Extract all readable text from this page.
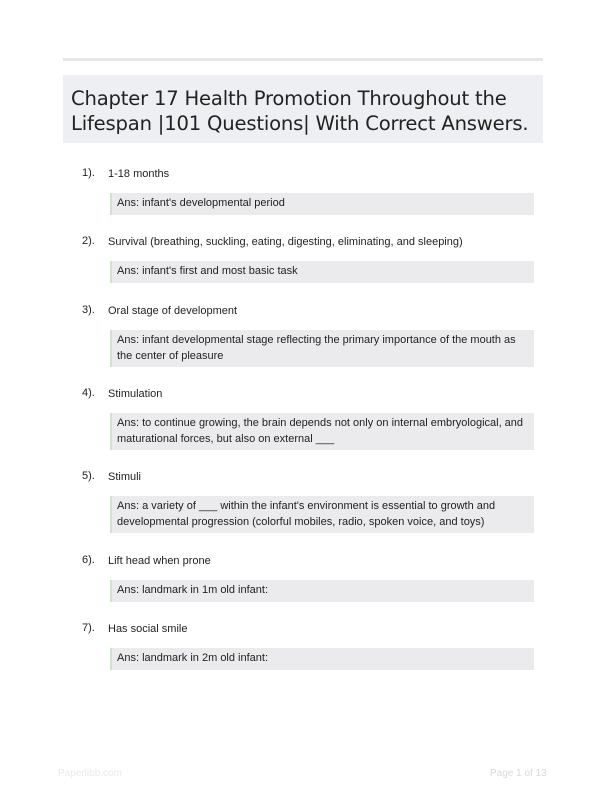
Chapter 17 Health Promotion Throughout the
Lifespan |101 Questions| With Correct Answers.
1). 1-18 months
Ans: infant's developmental period
2). Survival (breathing, suckling, eating, digesting, eliminating, and sleeping)
Ans: infant's first and most basic task
3). Oral stage of development
Ans: infant developmental stage reflecting the primary importance of the mouth as the center of pleasure
4). Stimulation
Ans: to continue growing, the brain depends not only on internal embryological, and maturational forces, but also on external ___
5). Stimuli
Ans: a variety of ___ within the infant's environment is essential to growth and developmental progression (colorful mobiles, radio, spoken voice, and toys)
6). Lift head when prone
Ans: landmark in 1m old infant:
7). Has social smile
Ans: landmark in 2m old infant:
Paperlibb.com	Page 1 of 13
